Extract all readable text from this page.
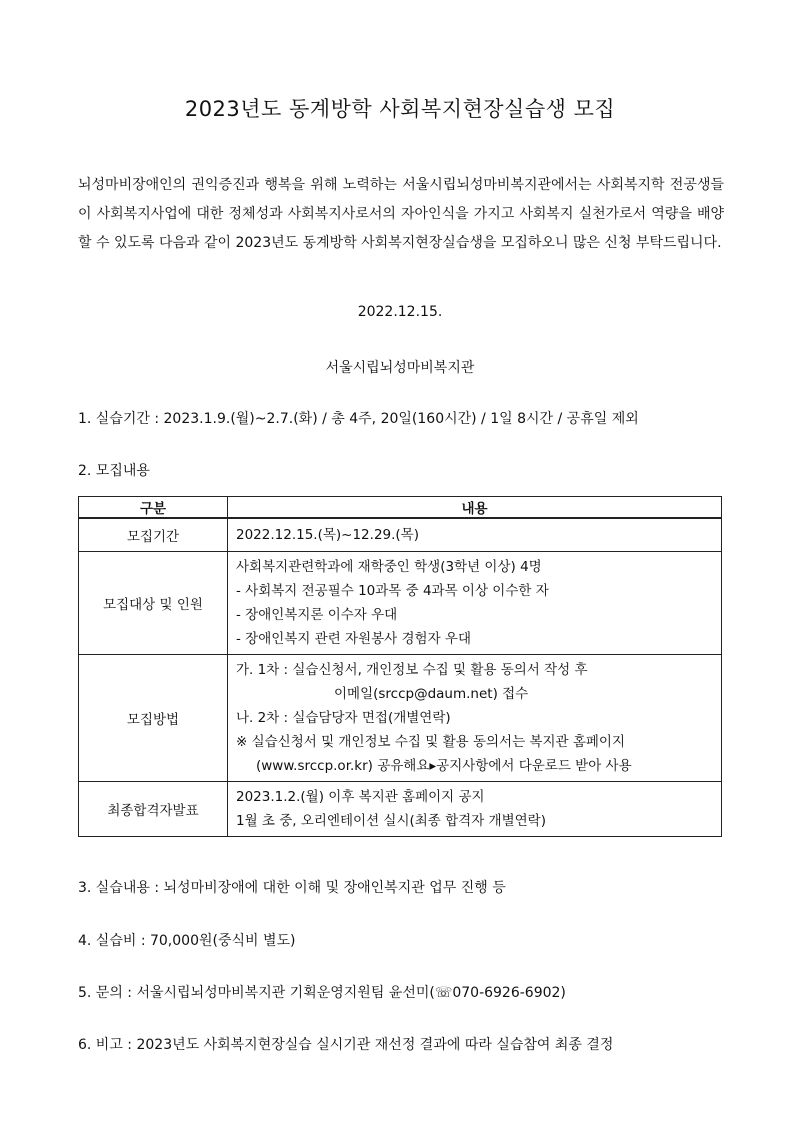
2023년도 동계방학 사회복지현장실습생 모집
뇌성마비장애인의 권익증진과 행복을 위해 노력하는 서울시립뇌성마비복지관에서는 사회복지학 전공생들이 사회복지사업에 대한 정체성과 사회복지사로서의 자아인식을 가지고 사회복지 실천가로서 역량을 배양할 수 있도록 다음과 같이 2023년도 동계방학 사회복지현장실습생을 모집하오니 많은 신청 부탁드립니다.
2022.12.15.
서울시립뇌성마비복지관
1. 실습기간 : 2023.1.9.(월)~2.7.(화) / 총 4주, 20일(160시간) / 1일 8시간 / 공휴일 제외
2. 모집내용
구분	내용
모집기간	2022.12.15.(목)~12.29.(목)

모집대상 및 인원	사회복지관련학과에 재학중인 학생(3학년 이상) 4명
- 사회복지 전공필수 10과목 중 4과목 이상 이수한 자
- 장애인복지론 이수자 우대
- 장애인복지 관련 자원봉사 경험자 우대

모집방법	가. 1차 : 실습신청서, 개인정보 수집 및 활용 동의서 작성 후
이메일(srccp@daum.net) 접수
나. 2차 : 실습담당자 면접(개별연락)
※ 실습신청서 및 개인정보 수집 및 활용 동의서는 복지관 홈페이지
(www.srccp.or.kr) 공유해요▸공지사항에서 다운로드 받아 사용

최종합격자발표	2023.1.2.(월) 이후 복지관 홈페이지 공지
1월 초 중, 오리엔테이션 실시(최종 합격자 개별연락)
3. 실습내용 : 뇌성마비장애에 대한 이해 및 장애인복지관 업무 진행 등
4. 실습비 : 70,000원(중식비 별도)
5. 문의 : 서울시립뇌성마비복지관 기획운영지원팀 윤선미(☏070-6926-6902)
6. 비고 : 2023년도 사회복지현장실습 실시기관 재선정 결과에 따라 실습참여 최종 결정
